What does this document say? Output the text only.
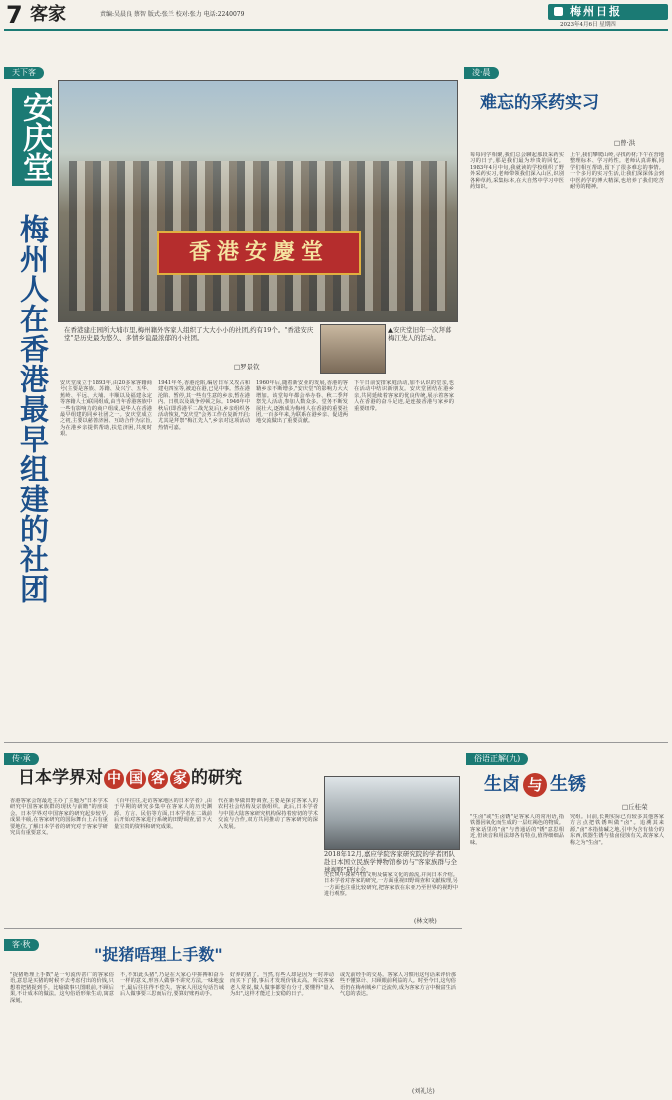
7 客家	责编:吴晨良 蔡智 版式:张兰 校对:张力 电话:2240079	梅州日报
2023年4月6日 星期四
天下客
安庆堂
梅州人在香港最早组建的社团	香港安慶堂
在香港建庄园所大埔市里,梅州籍外客家人组织了大大小小的社团,约有19个。"香港安庆堂"是历史最为悠久、多情乡谊最浓郁的小社团。
□罗景钦
▲安庆堂旧年一次拜暮梅江先人的活动。
安庆堂成立于1893年,由20多家客籍商号(主要是客族、苏籍、及兴宁、五华、蕉岭、平远、大埔、丰顺以及福建永定等客籍人士)联同组成,由当年香港客族中一些有影响力的商户组成,是华人在香港最早组建的同乡社团之一。安庆堂成立之初,主要以慈善济困、互助合作为宗旨,为在港乡亲提供帮助,扶危济困,共度时艰。
1941年冬,香港沦陷,编居日军又攻占和建屯四室等,被迫在港,已见中事。然在港沦陷、暂停,其一些有生意的乡亲,暂在港内、日机以及战争停顿之际。1946年中秋后(即香港平二战光复后),乡亲组织各活动恢复,"安庆堂"会务工作在复新开启;尤其是拜祭"梅江先人",乡亲对这项活动热情可嘉。
1960年后,随着新安业的发展,香港的客籍乡亲不断增多,"安庆堂"的影响力大大增加。该堂每年都会举办春、秋二季拜祭先人活动,参加人数众多。堂务不断发展壮大,逐渐成为梅州人在香港的重要社团,一百多年来,为联系在港乡亲、促进两地交流做出了重要贡献。
下午日前安排家庭活动,加不认识的堂亲,也在活动中结识新朋友。安庆堂团结在港乡亲,共同延续着客家的优良传统,展示着客家人在香港的奋斗足迹,是连接香港与家乡的重要纽带。
凌·晨
难忘的采药实习
□曾·洪
每每同学相聚,我们总会聊起那段采药实习的日子,那是我们最为珍贵的回忆。1983年4月中旬,我就读的学校组织了野外采药实习,老师带领我们深入山区,识别各种草药,采集标本,在大自然中学习中医药知识。
上午,我们攀爬山岭,寻找药材;下午在营地整理标本、学习药性。老师认真讲解,同学们相互帮助,留下了很多难忘的事情。一个多月的实习生活,让我们深深体会到中医药学的博大精深,也培养了我们吃苦耐劳的精神。
传·承
日本学界对 中 国 客 家 的研究
香港客家会馆最近主办了主题为"日本学术研究中国客家族群的现状与前瞻"的座谈会。日本学界对中国客家的研究起步较早,成果丰硕,在客家研究的国际舞台上占有重要地位,了解日本学者的研究对于客家学研究具有重要意义。
《百年往往,走访客家地区的日本学者》,由于早期的研究多集中在客家人的历史渊源、方言、民俗等方面,日本学者在二战前后开始对客家进行系统的田野调查,留下大量宝贵的资料和研究成果。
代在新界做田野调查,主要是探讨客家人的农村社会结构及宗族组织。此后,日本学者与中国大陆客家研究机构保持着密切的学术交流与合作,双方共同推动了客家研究的深入发展。
2018年12月,嘉应学院客家研究院的学者团队赴日本国立民族学博物馆参访与"客家族群与全球视野"研讨会。
史长风中探索中国文明及儒家文化的源流,并向日本介绍。日本学者对客家的研究,一方面重视田野调查和文献梳理,另一方面也注重比较研究,把客家放在东亚乃至世界的视野中进行观察。
(林文映)
俗语正解(九)
生卤 与 生锈
□丘桂荣
"生卤"或"生卤锈"是客家人的常用语,指铁器因氧化而生成的一层红褐色的物质。客家话里的"卤"与普通话的"锈"意思相近,但读音和用法却各有特点,值得细细品味。
究组。目前,长期实际已有较多其他客家方言点把铁锈叫做"卤"。追溯其来源,"卤"本指盐碱之地,引申为含有盐分的东西,铁器生锈与盐卤侵蚀有关,故客家人称之为"生卤"。
客·秋
"捉猪唔理上手数"
"捉猪唔理上手数"是一句流传甚广的客家俗语,意思是买猪的时候不去考虑付出的价钱,只想着把猪捉到手。比喻做事只图眼前,不顾后果,不计成本的做法。这句俗语形象生动,寓意深刻。
不,不知此头猪",乃是在大家心中拼搏和奋斗一样的意义,形容人做事不讲究方法,一味地蛮干,最后往往得不偿失。客家人用这句话告诫后人做事要三思而后行,要算好账再动手。
好养的猪了。当然,有些人却是因为一时冲动而买下了猪,事后才发现价钱太高。所以客家老人常说,做人做事都要有分寸,要懂得"量入为出",这样才能过上安稳的日子。
或先前经手的交易。客家人习惯用这句话来评价那些不懂算计、只顾眼前利益的人。时至今日,这句俗语仍在梅州城乡广泛流传,成为客家方言中极富生活气息的表达。
(刘礼达)
